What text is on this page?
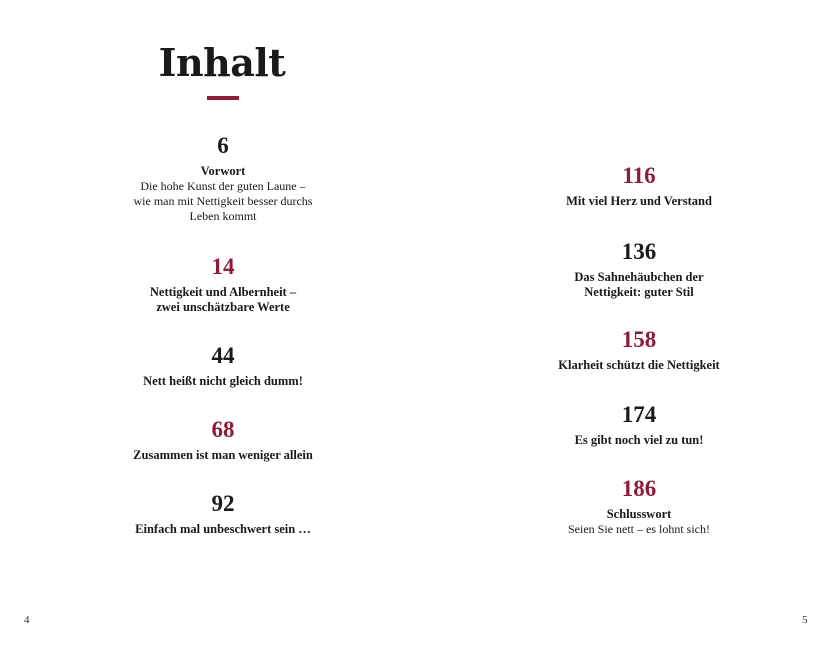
Inhalt
6
Vorwort
Die hohe Kunst der guten Laune –
wie man mit Nettigkeit besser durchs
Leben kommt
14
Nettigkeit und Albernheit –
zwei unschätzbare Werte
44
Nett heißt nicht gleich dumm!
68
Zusammen ist man weniger allein
92
Einfach mal unbeschwert sein …
4
116
Mit viel Herz und Verstand
136
Das Sahnehäubchen der
Nettigkeit: guter Stil
158
Klarheit schützt die Nettigkeit
174
Es gibt noch viel zu tun!
186
Schlusswort
Seien Sie nett – es lohnt sich!
5
